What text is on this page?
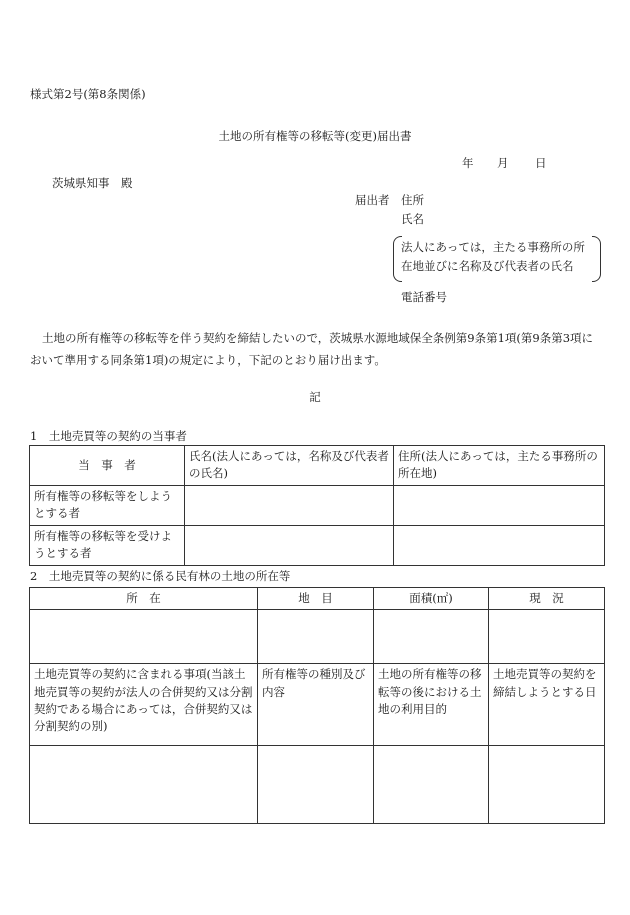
様式第2号(第8条関係)
土地の所有権等の移転等(変更)届出書
年 月 日
茨城県知事　殿
届出者 住所
氏名
法人にあっては，主たる事務所の所
在地並びに名称及び代表者の氏名
電話番号
土地の所有権等の移転等を伴う契約を締結したいので，茨城県水源地域保全条例第9条第1項(第9条第3項に
おいて準用する同条第1項)の規定により，下記のとおり届け出ます。
記
1　土地売買等の契約の当事者
当　事　者	氏名(法人にあっては，名称及び代表者の氏名)	住所(法人にあっては，主たる事務所の所在地)
所有権等の移転等をしようとする者		
所有権等の移転等を受けようとする者		
2　土地売買等の契約に係る民有林の土地の所在等
所　在	地　目	面積(㎡)	現　況

土地売買等の契約に含まれる事項(当該土地売買等の契約が法人の合併契約又は分割契約である場合にあっては，合併契約又は分割契約の別)	所有権等の種別及び内容	土地の所有権等の移転等の後における土地の利用目的	土地売買等の契約を締結しようとする日
